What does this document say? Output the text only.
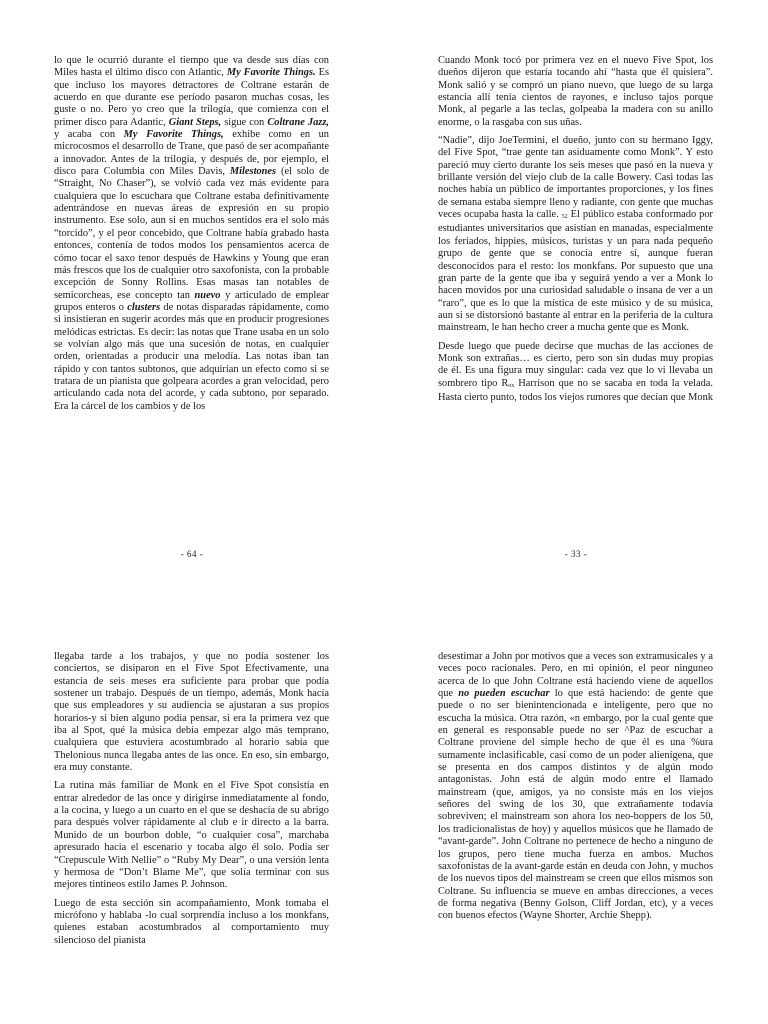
lo que le ocurrió durante el tiempo que va desde sus días con Miles hasta el último disco con Atlantic, My Favorite Things. Es que incluso los mayores detractores de Coltrane estarán de acuerdo en que durante ese período pasaron muchas cosas, les guste o no. Pero yo creo que la trilogía, que comienza con el primer disco para Adantic, Giant Steps, sigue con Coltrane Jazz, y acaba con My Favorite Things, exhibe como en un microcosmos el desarrollo de Trane, que pasó de ser acompañante a innovador. Antes de la trilogía, y después de, por ejemplo, el disco para Columbia con Miles Davis, Milestones (el solo de “Straight, No Chaser”), se volvió cada vez más evidente para cualquiera que lo escuchara que Coltrane estaba definitivamente adentrándose en nuevas áreas de expresión en su propio instrumento. Ese solo, aun si en muchos sentidos era el solo más “torcido”, y el peor concebido, que Coltrane había grabado hasta entonces, contenía de todos modos los pensamientos acerca de cómo tocar el saxo tenor después de Hawkins y Young que eran más frescos que los de cualquier otro saxofonista, con la probable excepción de Sonny Rollins. Esas masas tan notables de semicorcheas, ese concepto tan nuevo y articulado de emplear grupos enteros o clusters de notas disparadas rápidamente, como si insistieran en sugerir acordes más que en producir progresiones melódicas estrictas. Es decir: las notas que Trane usaba en un solo se volvían algo más que una sucesión de notas, en cualquier orden, orientadas a producir una melodía. Las notas iban tan rápido y con tantos subtonos, que adquirían un efecto como si se tratara de un pianista que golpeara acordes a gran velocidad, pero articulando cada nota del acorde, y cada subtono, por separado. Era la cárcel de los cambios y de los

- 64 -

Cuando Monk tocó por primera vez en el nuevo Five Spot, los dueños dijeron que estaría tocando ahí “hasta que él quisiera”. Monk salió y se compró un piano nuevo, que luego de su larga estancia allí tenía cientos de rayones, e incluso tajos porque Monk, al pegarle a las teclas, golpeaba la madera con su anillo enorme, o la rasgaba con sus uñas.

“Nadie”, dijo JoeTermini, el dueño, junto con su hermano Iggy, del Five Spot, “trae gente tan asiduamente como Monk”. Y esto pareció muy cierto durante los seis meses que pasó en la nueva y brillante versión del viejo club de la calle Bowery. Casi todas las noches había un público de importantes proporciones, y los fines de semana estaba siempre lleno y radiante, con gente que muchas veces ocupaba hasta la calle. 52 El público estaba conformado por estudiantes universitarios que asistían en manadas, especialmente los feriados, hippies, músicos, turistas y un para nada pequeño grupo de gente que se conocía entre sí, aunque fueran desconocidos para el resto: los monkfans. Por supuesto que una gran parte de la gente que iba y seguirá yendo a ver a Monk lo hacen movidos por una curiosidad saludable o insana de ver a un “raro”, que es lo que la mística de este músico y de su música, aun si se distorsionó bastante al entrar en la periferia de la cultura mainstream, le han hecho creer a mucha gente que es Monk.

Desde luego que puede decirse que muchas de las acciones de Monk son extrañas… es cierto, pero son sin dudas muy propias de él. Es una figura muy singular: cada vez que lo vi llevaba un sombrero tipo Rox Harrison que no se sacaba en toda la velada. Hasta cierto punto, todos los viejos rumores que decían que Monk

- 33 -

llegaba tarde a los trabajos, y que no podía sostener los conciertos, se disiparon en el Five Spot Efectivamente, una estancia de seis meses era suficiente para probar que podía sostener un trabajo. Después de un tiempo, además, Monk hacía que sus empleadores y su audiencia se ajustaran a sus propios horarios-y si bien alguno podía pensar, si era la primera vez que iba al Spot, qué la música debía empezar algo más temprano, cualquiera que estuviera acostumbrado al horario sabía que Thelonious nunca llegaba antes de las once. En eso, sin embargo, era muy constante.

La rutina más familiar de Monk en el Five Spot consistía en entrar alrededor de las once y dirigirse inmediatamente al fondo, a la cocina, y luego a un cuarto en el que se deshacía de su abrigo para después volver rápidamente al club e ir directo a la barra. Munido de un bourbon doble, “o cualquier cosa”, marchaba apresurado hacia el escenario y tocaba algo él solo. Podía ser “Crepuscule With Nellie” o “Ruby My Dear”, o una versión lenta y hermosa de “Don’t Blame Me”, que solía terminar con sus mejores tintineos estilo James P. Johnson.

Luego de esta sección sin acompañamiento, Monk tomaba el micrófono y hablaba -lo cual sorprendía incluso a los monkfans, quienes estaban acostumbrados al comportamiento muy silencioso del pianista

desestimar a John por motivos que a veces son extramusicales y a veces poco racionales. Pero, en mi opinión, el peor ninguneo acerca de lo que John Coltrane está haciendo viene de aquellos que no pueden escuchar lo que está haciendo: de gente que puede o no ser bienintencionada e inteligente, pero que no escucha la música. Otra razón, «n embargo, por la cual gente que en general es responsable puede no ser ^Paz de escuchar a Coltrane proviene del simple hecho de que él es una %ura sumamente inclasificable, casi como de un poder alienígena, que se presenta en dos campos distintos y de algún modo antagonistas. John está de algún modo entre el llamado mainstream (que, amigos, ya no consiste más en los viejos señores del swing de los 30, que extrañamente todavía sobreviven; el mainstream son ahora los neo-boppers de los 50, los tradicionalistas de hoy) y aquellos músicos que he llamado de “avant-garde”. John Coltrane no pertenece de hecho a ninguno de los grupos, pero tiene mucha fuerza en ambos. Muchos saxofonistas de la avant-garde están en deuda con John, y muchos de los nuevos tipos del mainstream se creen que ellos mismos son Coltrane. Su influencia se mueve en ambas direcciones, a veces de forma negativa (Benny Golson, Cliff Jordan, etc), y a veces con buenos efectos (Wayne Shorter, Archie Shepp).
